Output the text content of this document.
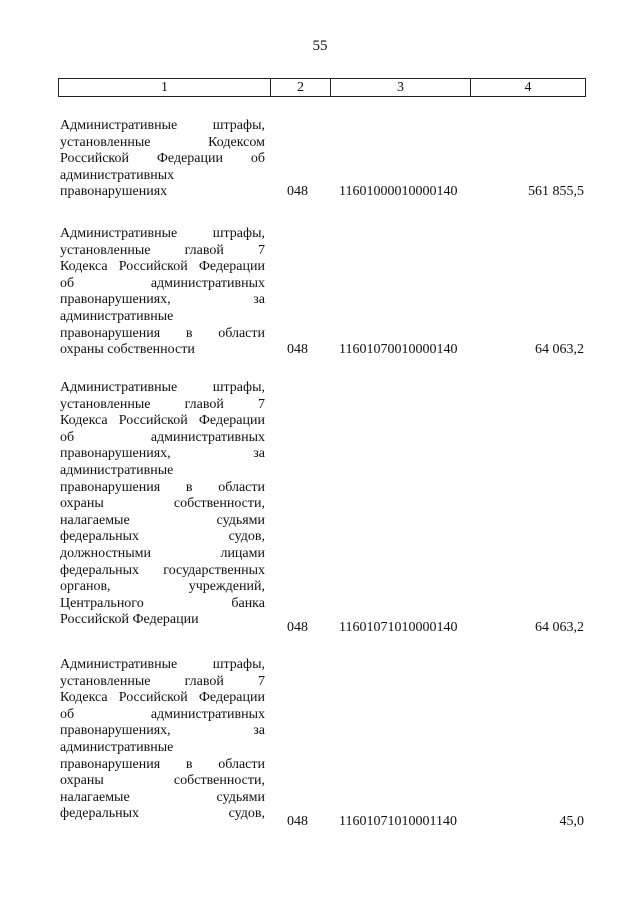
55
1	2	3	4
Административные штрафы,
установленные Кодексом
Российской Федерации об
административных
правонарушениях	048	11601000010000140	561 855,5
Административные штрафы,
установленные главой 7
Кодекса Российской Федерации
об административных
правонарушениях, за
административные
правонарушения в области
охраны собственности	048	11601070010000140	64 063,2
Административные штрафы,
установленные главой 7
Кодекса Российской Федерации
об административных
правонарушениях, за
административные
правонарушения в области
охраны собственности,
налагаемые судьями
федеральных судов,
должностными лицами
федеральных государственных
органов, учреждений,
Центрального банка
Российской Федерации
048	11601071010000140	64 063,2
Административные штрафы,
установленные главой 7
Кодекса Российской Федерации
об административных
правонарушениях, за
административные
правонарушения в области
охраны собственности,
налагаемые судьями
федеральных судов,
048	11601071010001140	45,0
